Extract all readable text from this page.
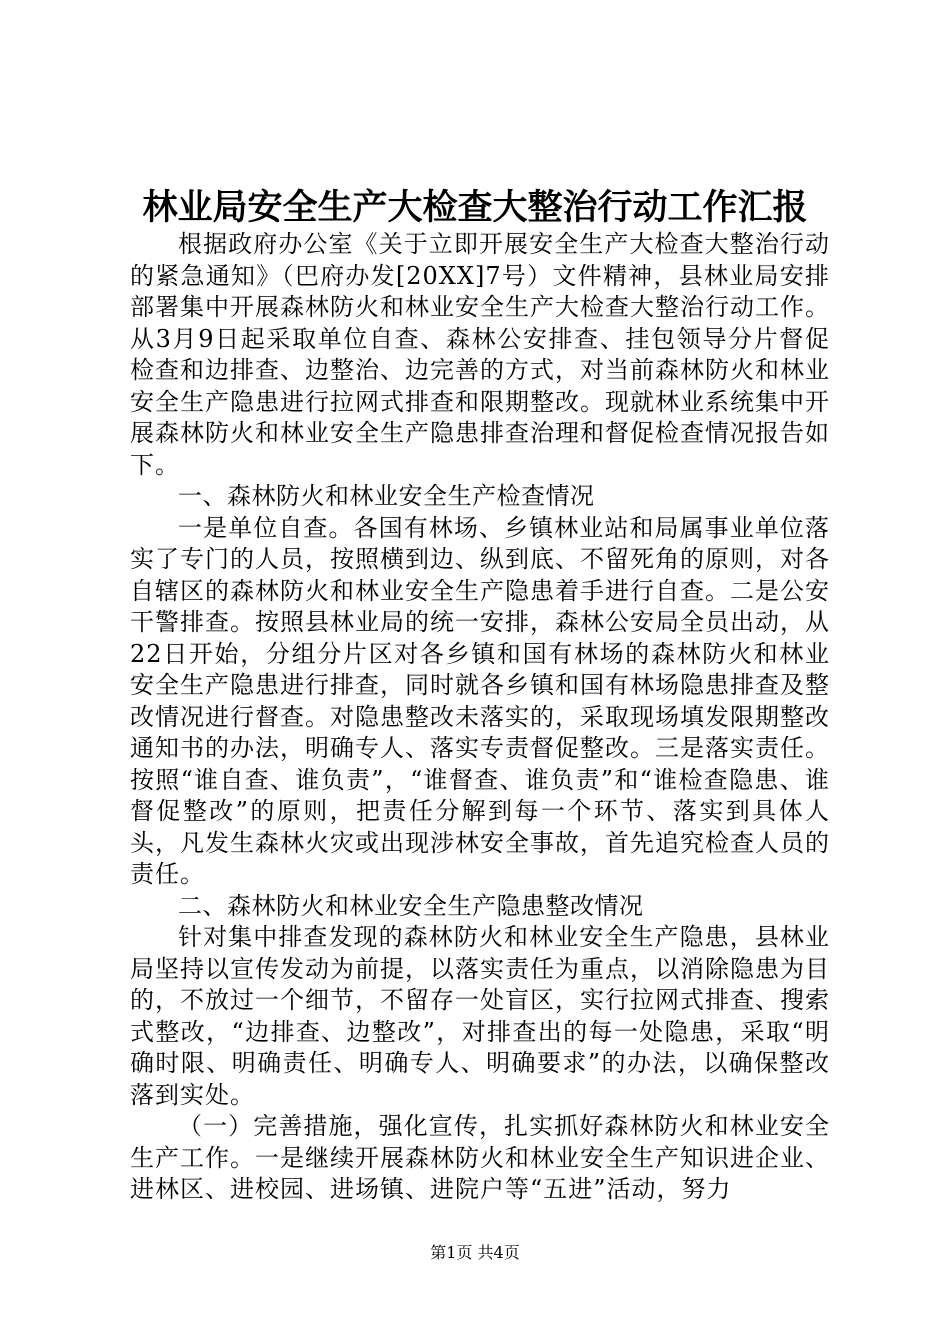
林业局安全生产大检查大整治行动工作汇报

根据政府办公室《关于立即开展安全生产大检查大整治行动的紧急通知》（巴府办发[20XX]7号）文件精神，县林业局安排部署集中开展森林防火和林业安全生产大检查大整治行动工作。从3月9日起采取单位自查、森林公安排查、挂包领导分片督促检查和边排查、边整治、边完善的方式，对当前森林防火和林业安全生产隐患进行拉网式排查和限期整改。现就林业系统集中开展森林防火和林业安全生产隐患排查治理和督促检查情况报告如下。

一、森林防火和林业安全生产检查情况

一是单位自查。各国有林场、乡镇林业站和局属事业单位落实了专门的人员，按照横到边、纵到底、不留死角的原则，对各自辖区的森林防火和林业安全生产隐患着手进行自查。二是公安干警排查。按照县林业局的统一安排，森林公安局全员出动，从22日开始，分组分片区对各乡镇和国有林场的森林防火和林业安全生产隐患进行排查，同时就各乡镇和国有林场隐患排查及整改情况进行督查。对隐患整改未落实的，采取现场填发限期整改通知书的办法，明确专人、落实专责督促整改。三是落实责任。按照“谁自查、谁负责”，“谁督查、谁负责”和“谁检查隐患、谁督促整改”的原则，把责任分解到每一个环节、落实到具体人头，凡发生森林火灾或出现涉林安全事故，首先追究检查人员的责任。

二、森林防火和林业安全生产隐患整改情况

针对集中排查发现的森林防火和林业安全生产隐患，县林业局坚持以宣传发动为前提，以落实责任为重点，以消除隐患为目的，不放过一个细节，不留存一处盲区，实行拉网式排查、搜索式整改，“边排查、边整改”，对排查出的每一处隐患，采取“明确时限、明确责任、明确专人、明确要求”的办法，以确保整改落到实处。

（一）完善措施，强化宣传，扎实抓好森林防火和林业安全生产工作。一是继续开展森林防火和林业安全生产知识进企业、进林区、进校园、进场镇、进院户等“五进”活动，努力

第1页 共4页
